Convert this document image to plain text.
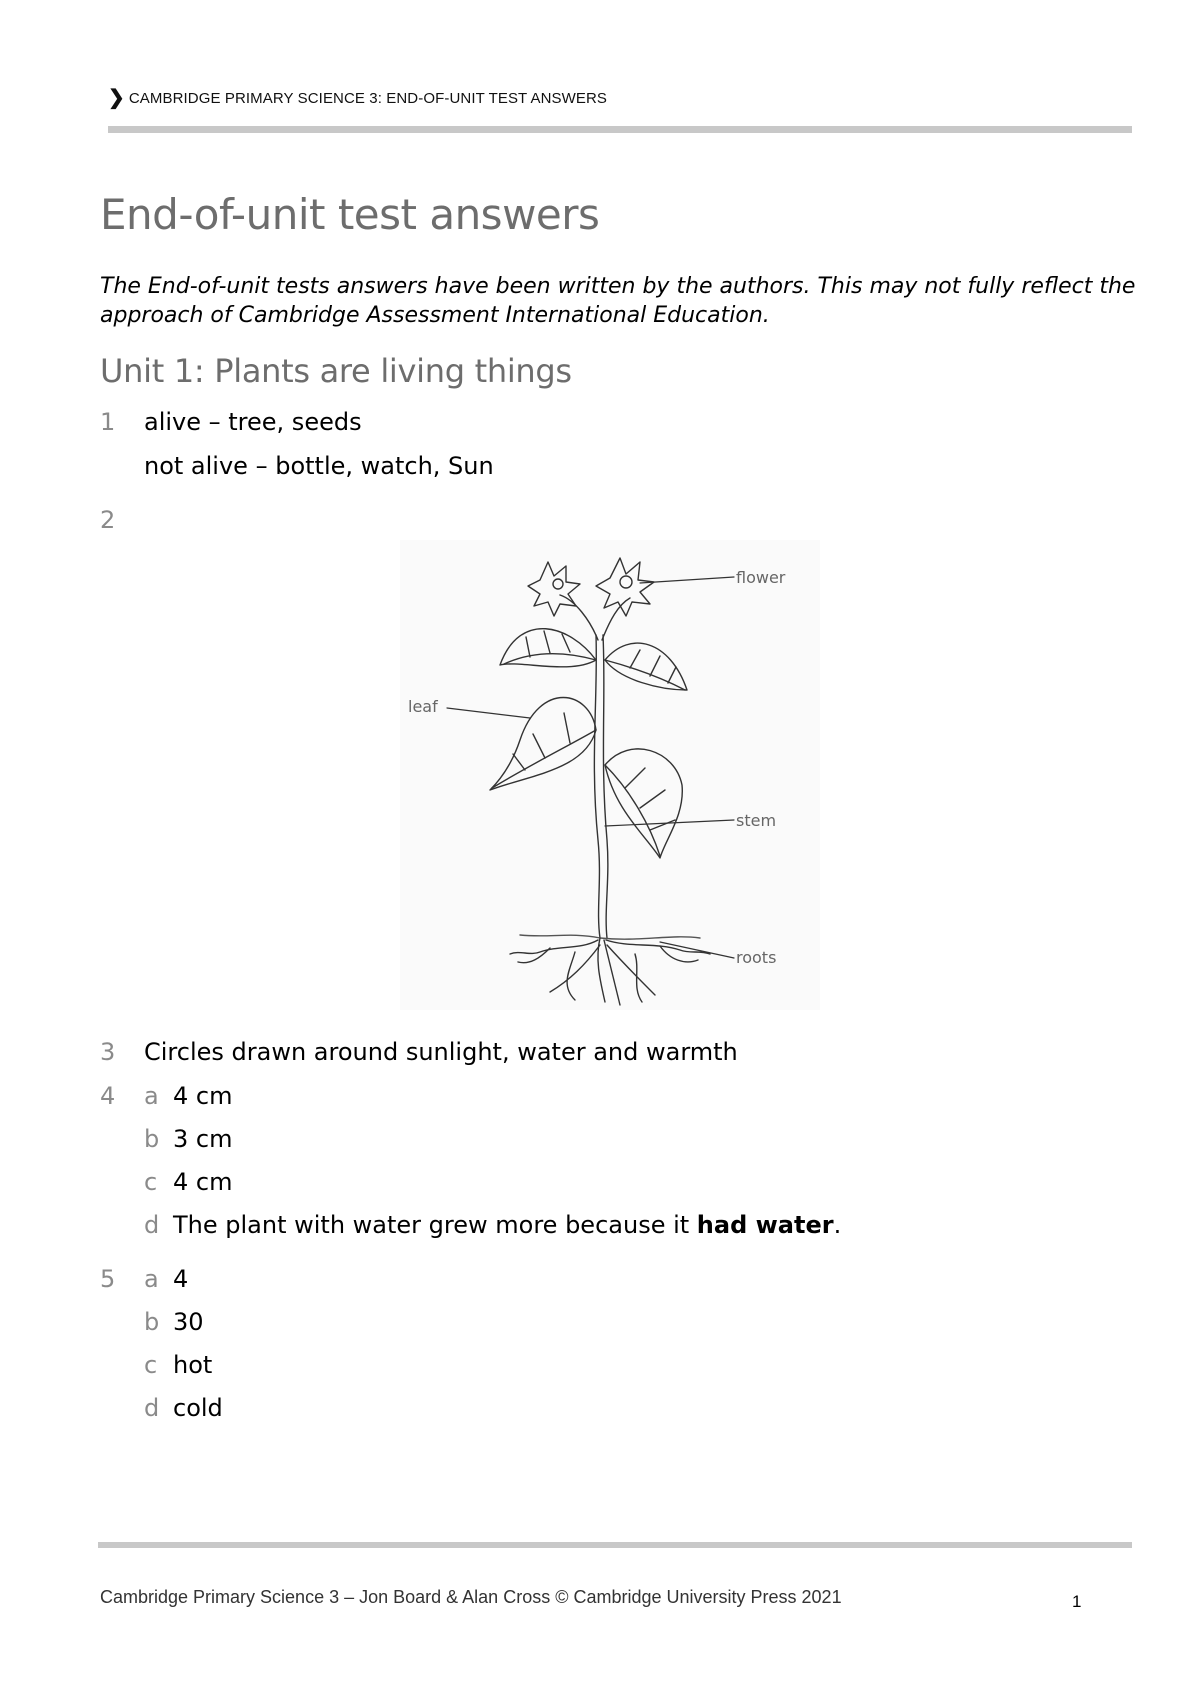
❯ CAMBRIDGE PRIMARY SCIENCE 3: END-OF-UNIT TEST ANSWERS
End-of-unit test answers
The End-of-unit tests answers have been written by the authors. This may not fully reflect the approach of Cambridge Assessment International Education.
Unit 1: Plants are living things
1 alive – tree, seeds
not alive – bottle, watch, Sun
2
flower
leaf
stem
roots
3 Circles drawn around sunlight, water and warmth
4 a 4 cm
b 3 cm
c 4 cm
d The plant with water grew more because it had water.
5 a 4
b 30
c hot
d cold
Cambridge Primary Science 3 – Jon Board & Alan Cross © Cambridge University Press 2021	1
